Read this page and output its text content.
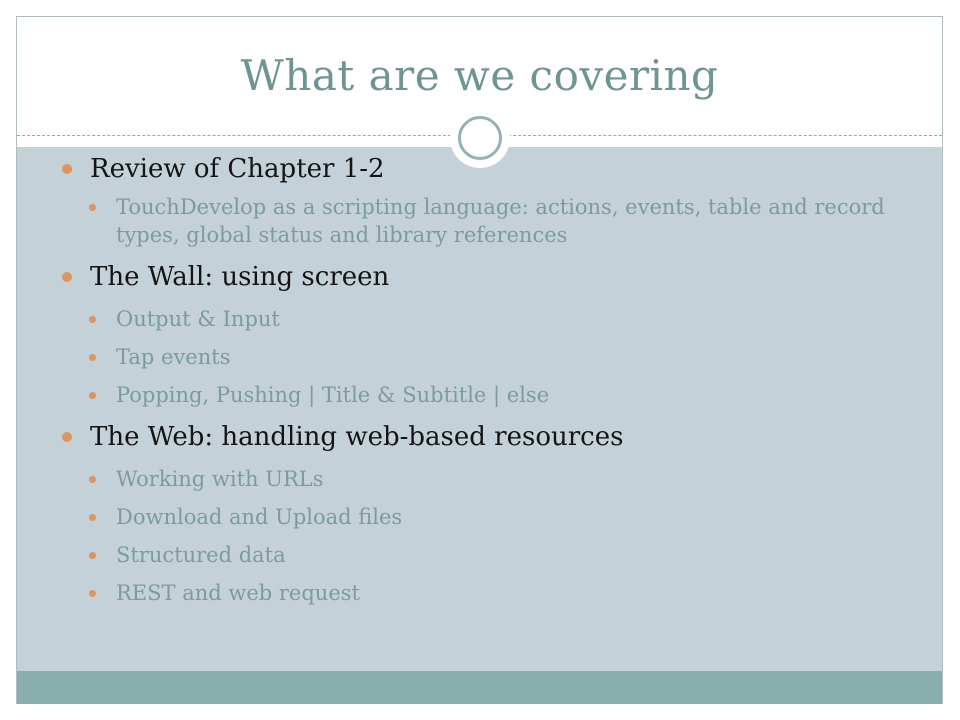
What are we covering
Review of Chapter 1-2
TouchDevelop as a scripting language: actions, events, table and record types, global status and library references
The Wall: using screen
Output & Input
Tap events
Popping, Pushing | Title & Subtitle | else
The Web: handling web-based resources
Working with URLs
Download and Upload files
Structured data
REST and web request
